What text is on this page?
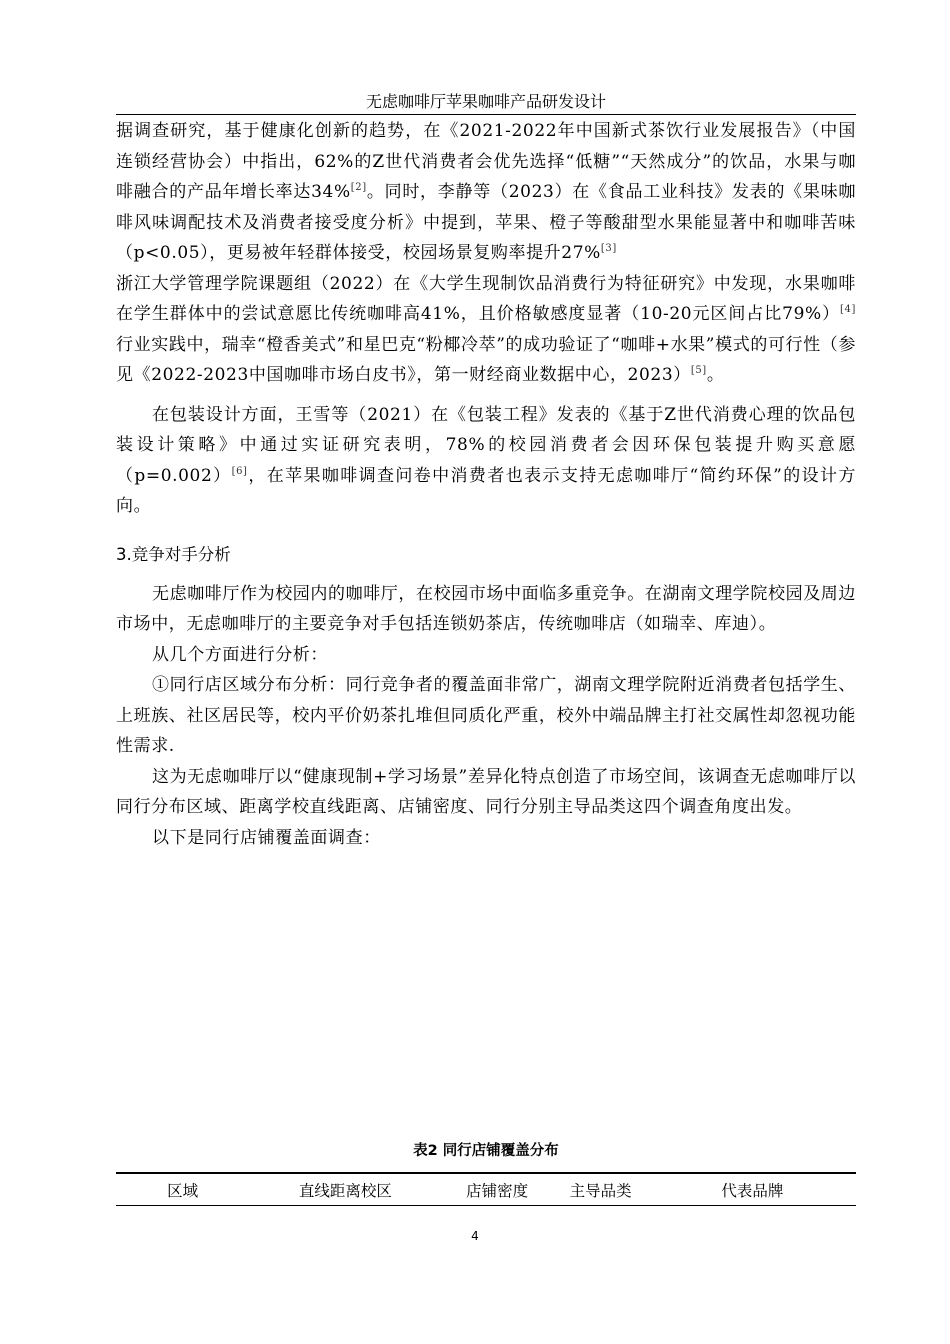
无虑咖啡厅苹果咖啡产品研发设计

据调查研究，基于健康化创新的趋势，在《2021-2022年中国新式茶饮行业发展报告》（中国连锁经营协会）中指出，62%的Z世代消费者会优先选择“低糖”“天然成分”的饮品，水果与咖啡融合的产品年增长率达34%[2]。同时，李静等（2023）在《食品工业科技》发表的《果味咖啡风味调配技术及消费者接受度分析》中提到，苹果、橙子等酸甜型水果能显著中和咖啡苦味（p<0.05），更易被年轻群体接受，校园场景复购率提升27%[3]

浙江大学管理学院课题组（2022）在《大学生现制饮品消费行为特征研究》中发现，水果咖啡在学生群体中的尝试意愿比传统咖啡高41%，且价格敏感度显著（10-20元区间占比79%）[4]行业实践中，瑞幸“橙香美式”和星巴克“粉椰冷萃”的成功验证了“咖啡+水果”模式的可行性（参见《2022-2023中国咖啡市场白皮书》，第一财经商业数据中心，2023）[5]。

在包装设计方面，王雪等（2021）在《包装工程》发表的《基于Z世代消费心理的饮品包装设计策略》中通过实证研究表明，78%的校园消费者会因环保包装提升购买意愿（p=0.002）[6]，在苹果咖啡调查问卷中消费者也表示支持无虑咖啡厅“简约环保”的设计方向。

3.竞争对手分析

无虑咖啡厅作为校园内的咖啡厅，在校园市场中面临多重竞争。在湖南文理学院校园及周边市场中，无虑咖啡厅的主要竞争对手包括连锁奶茶店，传统咖啡店（如瑞幸、库迪）。

从几个方面进行分析：

①同行店区域分布分析：同行竞争者的覆盖面非常广，湖南文理学院附近消费者包括学生、上班族、社区居民等，校内平价奶茶扎堆但同质化严重，校外中端品牌主打社交属性却忽视功能性需求.

这为无虑咖啡厅以“健康现制+学习场景”差异化特点创造了市场空间，该调查无虑咖啡厅以同行分布区域、距离学校直线距离、店铺密度、同行分别主导品类这四个调查角度出发。

以下是同行店铺覆盖面调查：

表2 同行店铺覆盖分布
区域	直线距离校区	店铺密度	主导品类	代表品牌
4
